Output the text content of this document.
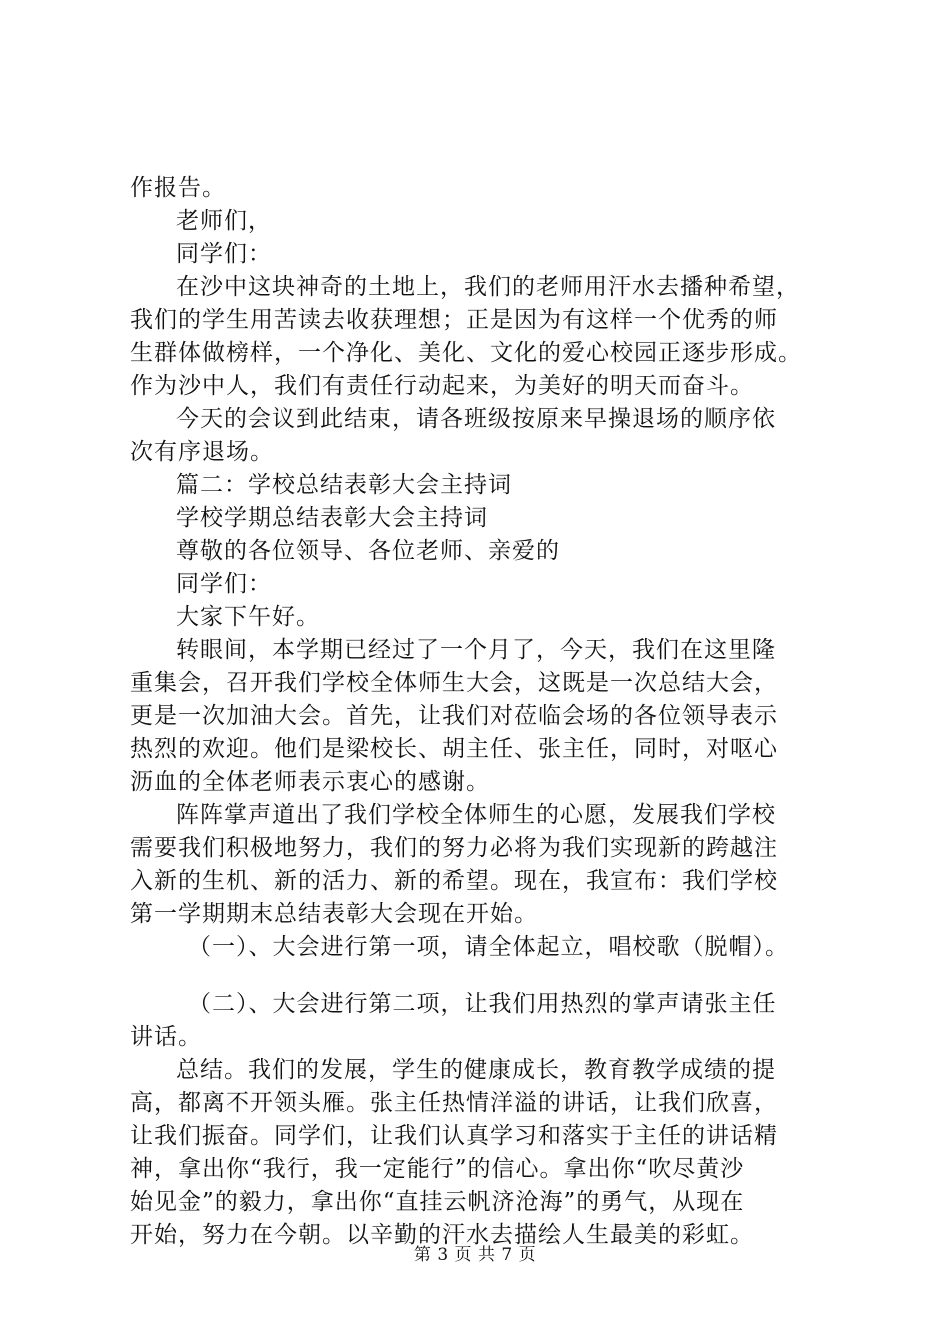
作报告。
老师们，
同学们：
在沙中这块神奇的土地上，我们的老师用汗水去播种希望，
我们的学生用苦读去收获理想；正是因为有这样一个优秀的师
生群体做榜样，一个净化、美化、文化的爱心校园正逐步形成。
作为沙中人，我们有责任行动起来，为美好的明天而奋斗。
今天的会议到此结束，请各班级按原来早操退场的顺序依
次有序退场。
篇二：学校总结表彰大会主持词
学校学期总结表彰大会主持词
尊敬的各位领导、各位老师、亲爱的
同学们：
大家下午好。
转眼间，本学期已经过了一个月了，今天，我们在这里隆
重集会，召开我们学校全体师生大会，这既是一次总结大会，
更是一次加油大会。首先，让我们对莅临会场的各位领导表示
热烈的欢迎。他们是梁校长、胡主任、张主任，同时，对呕心
沥血的全体老师表示衷心的感谢。
阵阵掌声道出了我们学校全体师生的心愿，发展我们学校
需要我们积极地努力，我们的努力必将为我们实现新的跨越注
入新的生机、新的活力、新的希望。现在，我宣布：我们学校
第一学期期末总结表彰大会现在开始。
（一）、大会进行第一项，请全体起立，唱校歌（脱帽）。
（二）、大会进行第二项，让我们用热烈的掌声请张主任
讲话。
总结。我们的发展，学生的健康成长，教育教学成绩的提
高，都离不开领头雁。张主任热情洋溢的讲话，让我们欣喜，
让我们振奋。同学们，让我们认真学习和落实于主任的讲话精
神，拿出你“我行，我一定能行”的信心。拿出你“吹尽黄沙
始见金”的毅力，拿出你“直挂云帆济沧海”的勇气，从现在
开始，努力在今朝。以辛勤的汗水去描绘人生最美的彩虹。
第 3 页 共 7 页
